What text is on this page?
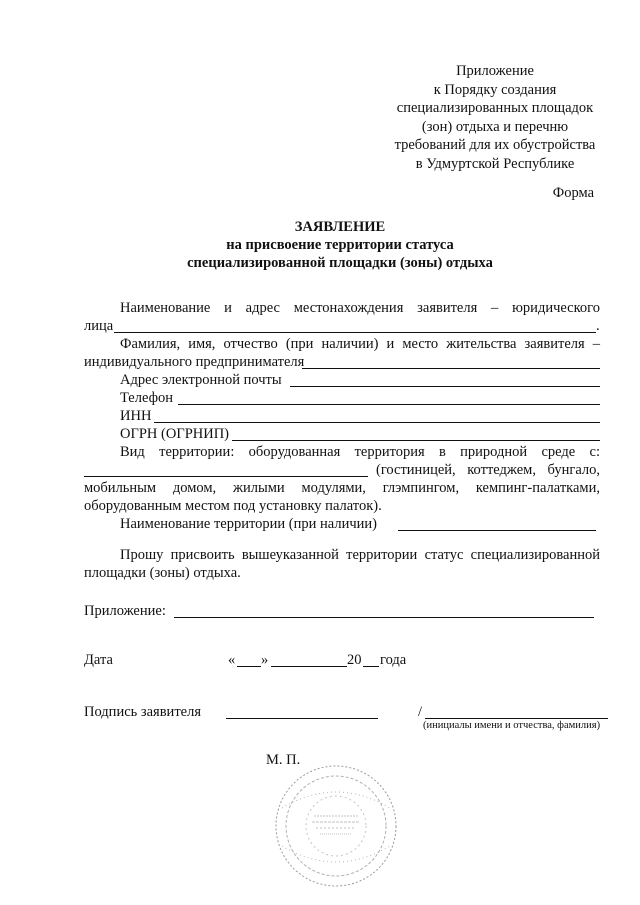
Приложение
к Порядку создания
специализированных площадок
(зон) отдыха и перечню
требований для их обустройства
в Удмуртской Республике
Форма
ЗАЯВЛЕНИЕ
на присвоение территории статуса
специализированной площадки (зоны) отдыха
Наименование и адрес местонахождения заявителя – юридического
лица	.
Фамилия, имя, отчество (при наличии) и место жительства заявителя –
индивидуального предпринимателя
Адрес электронной почты
Телефон
ИНН
ОГРН (ОГРНИП)
Вид территории: оборудованная территория в природной среде с:
(гостиницей, коттеджем, бунгало,
мобильным домом, жилыми модулями, глэмпингом, кемпинг-палатками,
оборудованным местом под установку палаток).
Наименование территории (при наличии)
Прошу присвоить вышеуказанной территории статус специализированной
площадки (зоны) отдыха.
Приложение:
Дата	« »	20 года
Подпись заявителя	/
(инициалы имени и отчества, фамилия)
М. П.
